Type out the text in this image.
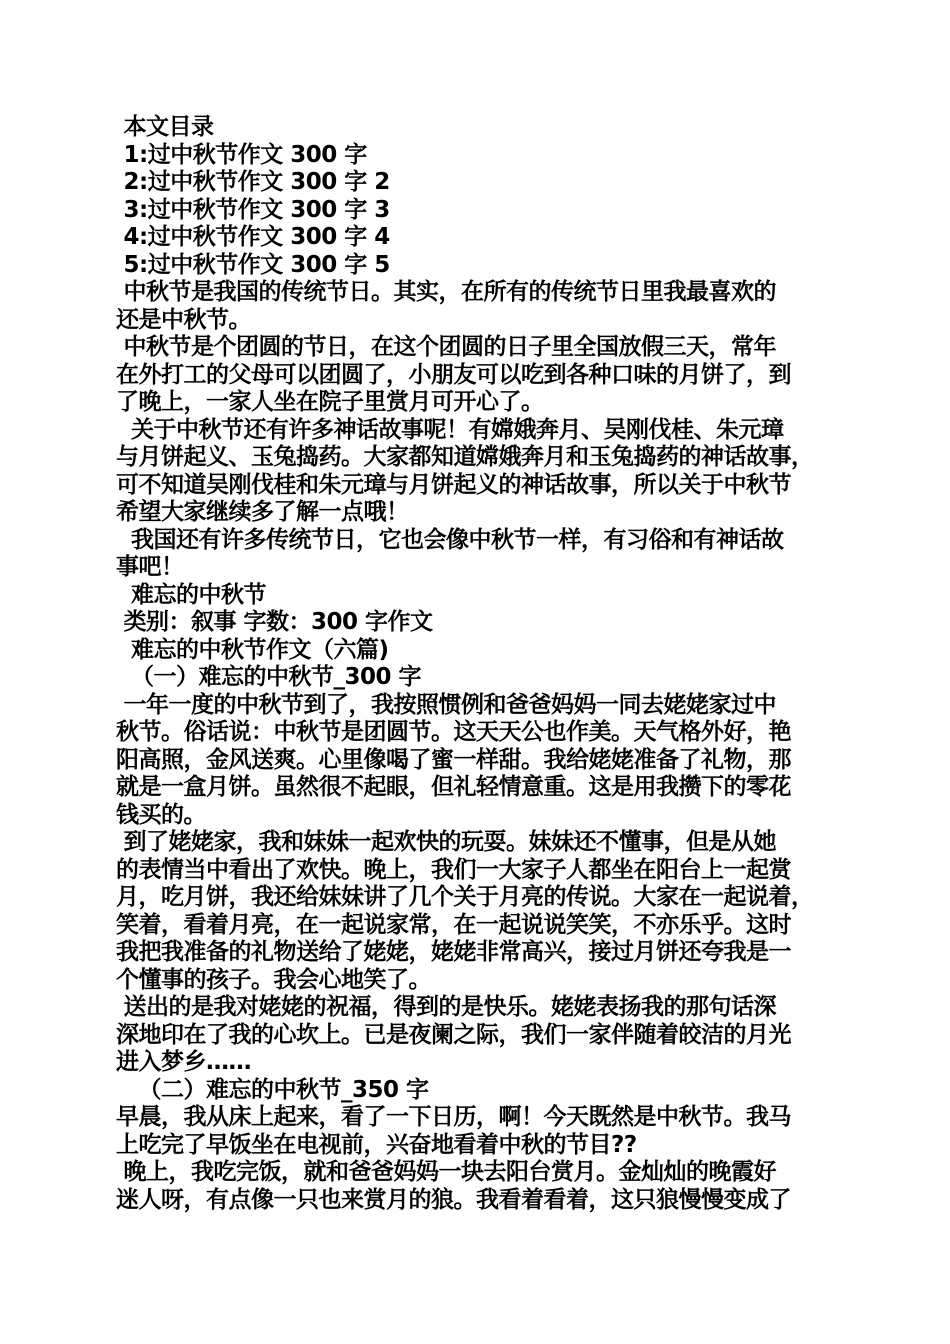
本文目录
1:过中秋节作文 300 字
2:过中秋节作文 300 字 2
3:过中秋节作文 300 字 3
4:过中秋节作文 300 字 4
5:过中秋节作文 300 字 5
中秋节是我国的传统节日。其实，在所有的传统节日里我最喜欢的
还是中秋节。
中秋节是个团圆的节日，在这个团圆的日子里全国放假三天，常年
在外打工的父母可以团圆了，小朋友可以吃到各种口味的月饼了，到
了晚上，一家人坐在院子里赏月可开心了。
关于中秋节还有许多神话故事呢！有嫦娥奔月、吴刚伐桂、朱元璋
与月饼起义、玉兔捣药。大家都知道嫦娥奔月和玉兔捣药的神话故事，
可不知道吴刚伐桂和朱元璋与月饼起义的神话故事，所以关于中秋节
希望大家继续多了解一点哦！
我国还有许多传统节日，它也会像中秋节一样，有习俗和有神话故
事吧！
难忘的中秋节
类别：叙事 字数：300 字作文
难忘的中秋节作文（六篇)
（一）难忘的中秋节_300 字
一年一度的中秋节到了，我按照惯例和爸爸妈妈一同去姥姥家过中
秋节。俗话说：中秋节是团圆节。这天天公也作美。天气格外好，艳
阳高照，金风送爽。心里像喝了蜜一样甜。我给姥姥准备了礼物，那
就是一盒月饼。虽然很不起眼，但礼轻情意重。这是用我攒下的零花
钱买的。
到了姥姥家，我和妹妹一起欢快的玩耍。妹妹还不懂事，但是从她
的表情当中看出了欢快。晚上，我们一大家子人都坐在阳台上一起赏
月，吃月饼，我还给妹妹讲了几个关于月亮的传说。大家在一起说着，
笑着，看着月亮，在一起说家常，在一起说说笑笑，不亦乐乎。这时
我把我准备的礼物送给了姥姥，姥姥非常高兴，接过月饼还夸我是一
个懂事的孩子。我会心地笑了。
送出的是我对姥姥的祝福，得到的是快乐。姥姥表扬我的那句话深
深地印在了我的心坎上。已是夜阑之际，我们一家伴随着皎洁的月光
进入梦乡……
（二）难忘的中秋节_350 字
早晨，我从床上起来，看了一下日历，啊！今天既然是中秋节。我马
上吃完了早饭坐在电视前，兴奋地看着中秋的节目??
晚上，我吃完饭，就和爸爸妈妈一块去阳台赏月。金灿灿的晚霞好
迷人呀，有点像一只也来赏月的狼。我看着看着，这只狼慢慢变成了
